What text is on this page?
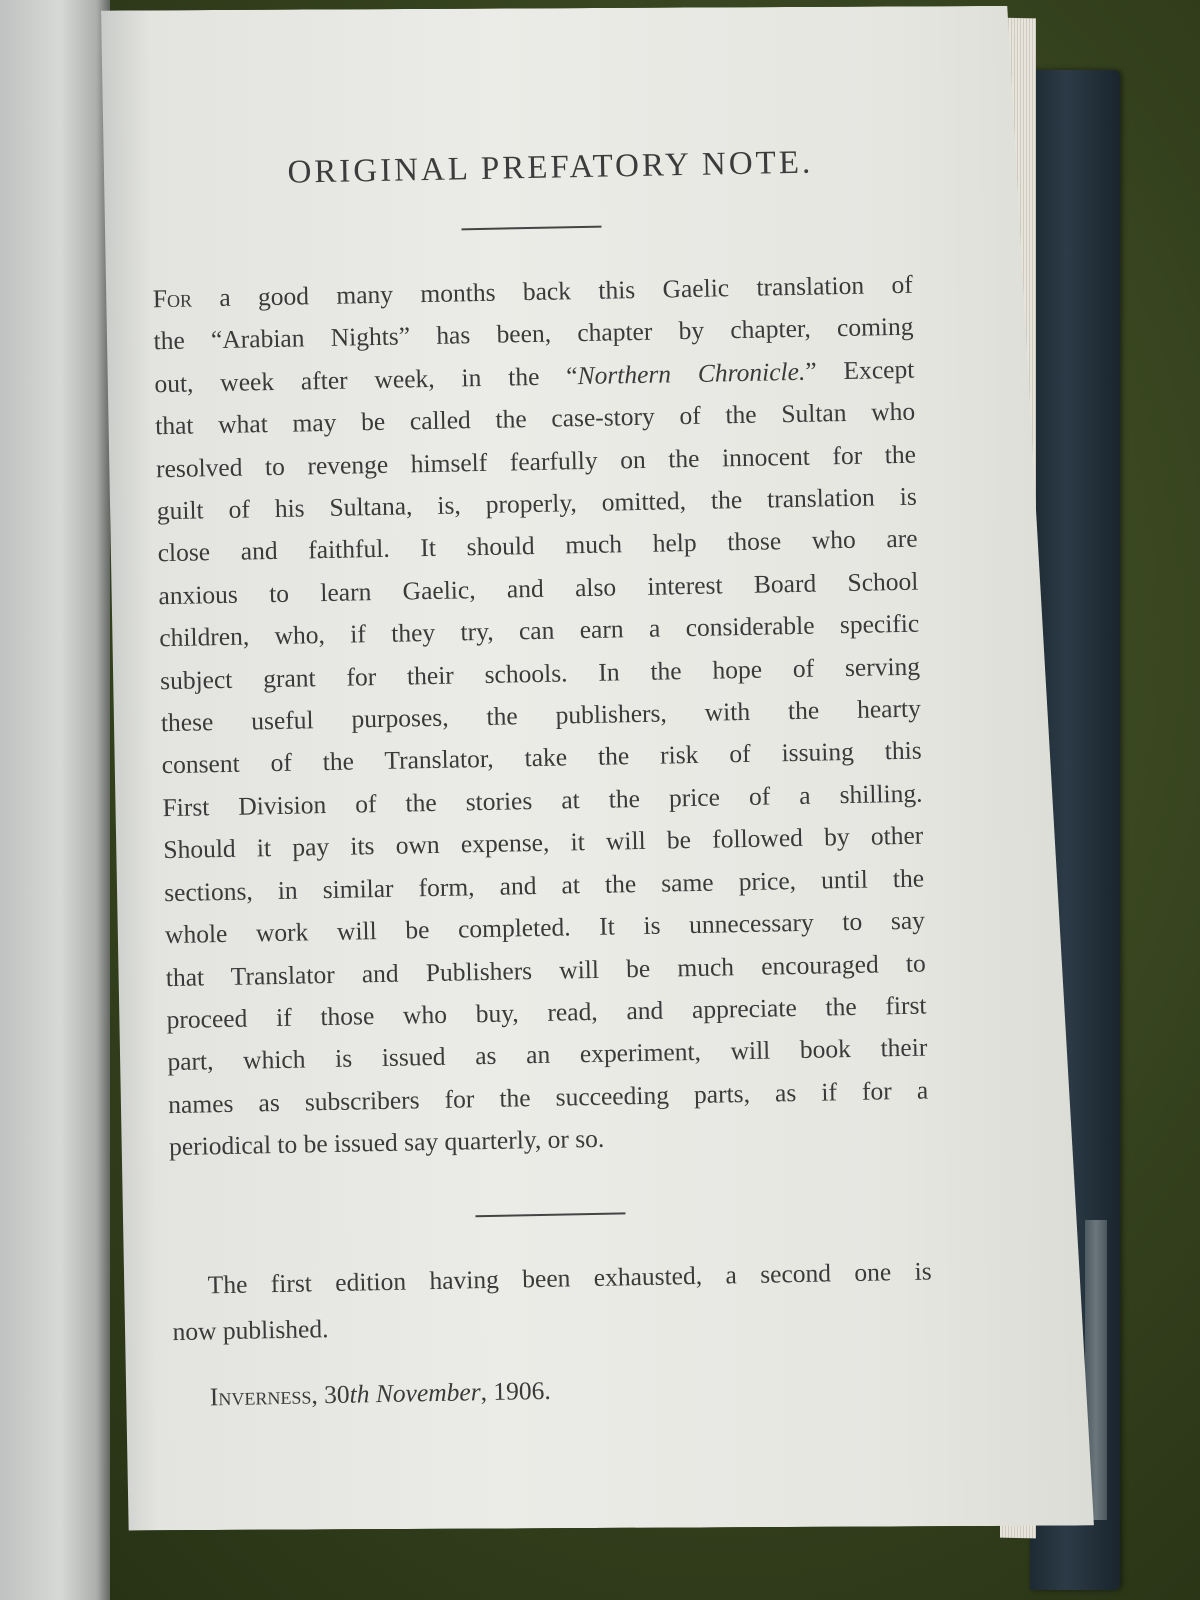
ORIGINAL PREFATORY NOTE.
For a good many months back this Gaelic translation of
the “Arabian Nights” has been, chapter by chapter, coming
out, week after week, in the “Northern Chronicle.” Except
that what may be called the case-story of the Sultan who
resolved to revenge himself fearfully on the innocent for the
guilt of his Sultana, is, properly, omitted, the translation is
close and faithful. It should much help those who are
anxious to learn Gaelic, and also interest Board School
children, who, if they try, can earn a considerable specific
subject grant for their schools. In the hope of serving
these useful purposes, the publishers, with the hearty
consent of the Translator, take the risk of issuing this
First Division of the stories at the price of a shilling.
Should it pay its own expense, it will be followed by other
sections, in similar form, and at the same price, until the
whole work will be completed. It is unnecessary to say
that Translator and Publishers will be much encouraged to
proceed if those who buy, read, and appreciate the first
part, which is issued as an experiment, will book their
names as subscribers for the succeeding parts, as if for a
periodical to be issued say quarterly, or so.
The first edition having been exhausted, a second one is
now published.
Inverness, 30th November, 1906.
